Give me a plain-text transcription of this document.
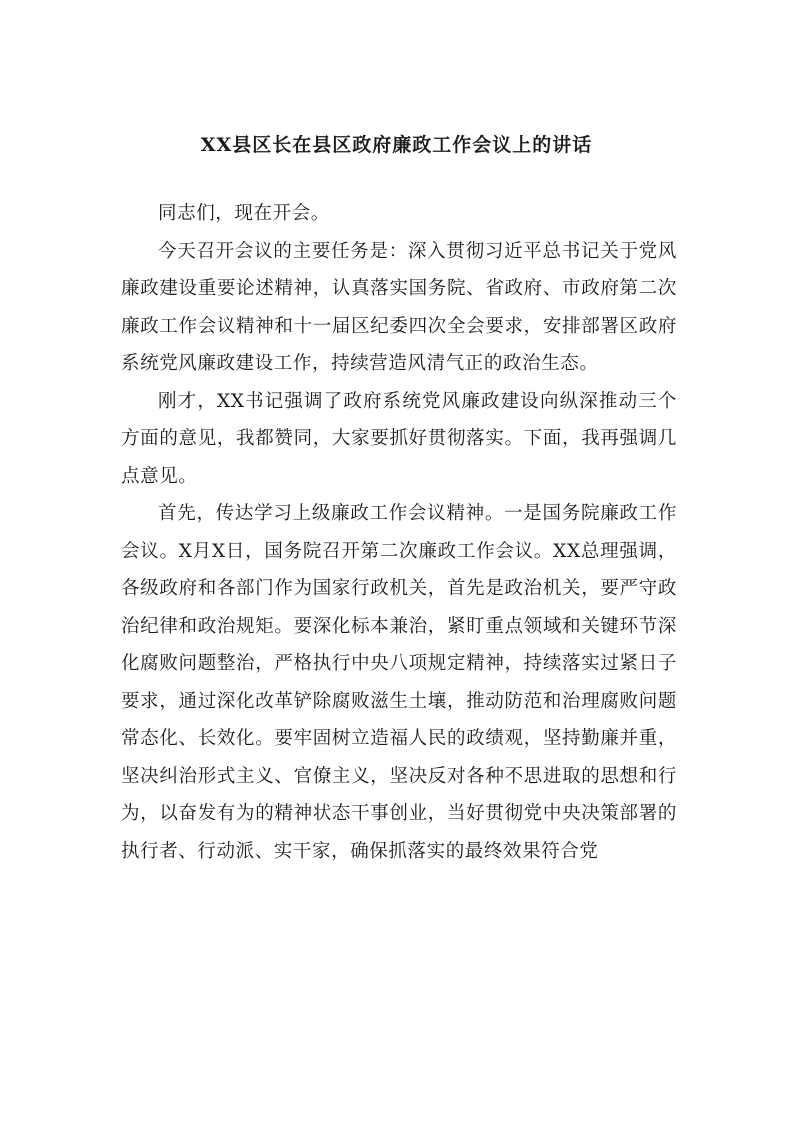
XX县区长在县区政府廉政工作会议上的讲话

同志们，现在开会。

今天召开会议的主要任务是：深入贯彻习近平总书记关于党风廉政建设重要论述精神，认真落实国务院、省政府、市政府第二次廉政工作会议精神和十一届区纪委四次全会要求，安排部署区政府系统党风廉政建设工作，持续营造风清气正的政治生态。

刚才，XX书记强调了政府系统党风廉政建设向纵深推动三个方面的意见，我都赞同，大家要抓好贯彻落实。下面，我再强调几点意见。

首先，传达学习上级廉政工作会议精神。一是国务院廉政工作会议。X月X日，国务院召开第二次廉政工作会议。XX总理强调，各级政府和各部门作为国家行政机关，首先是政治机关，要严守政治纪律和政治规矩。要深化标本兼治，紧盯重点领域和关键环节深化腐败问题整治，严格执行中央八项规定精神，持续落实过紧日子要求，通过深化改革铲除腐败滋生土壤，推动防范和治理腐败问题常态化、长效化。要牢固树立造福人民的政绩观，坚持勤廉并重，坚决纠治形式主义、官僚主义，坚决反对各种不思进取的思想和行为，以奋发有为的精神状态干事创业，当好贯彻党中央决策部署的执行者、行动派、实干家，确保抓落实的最终效果符合党
